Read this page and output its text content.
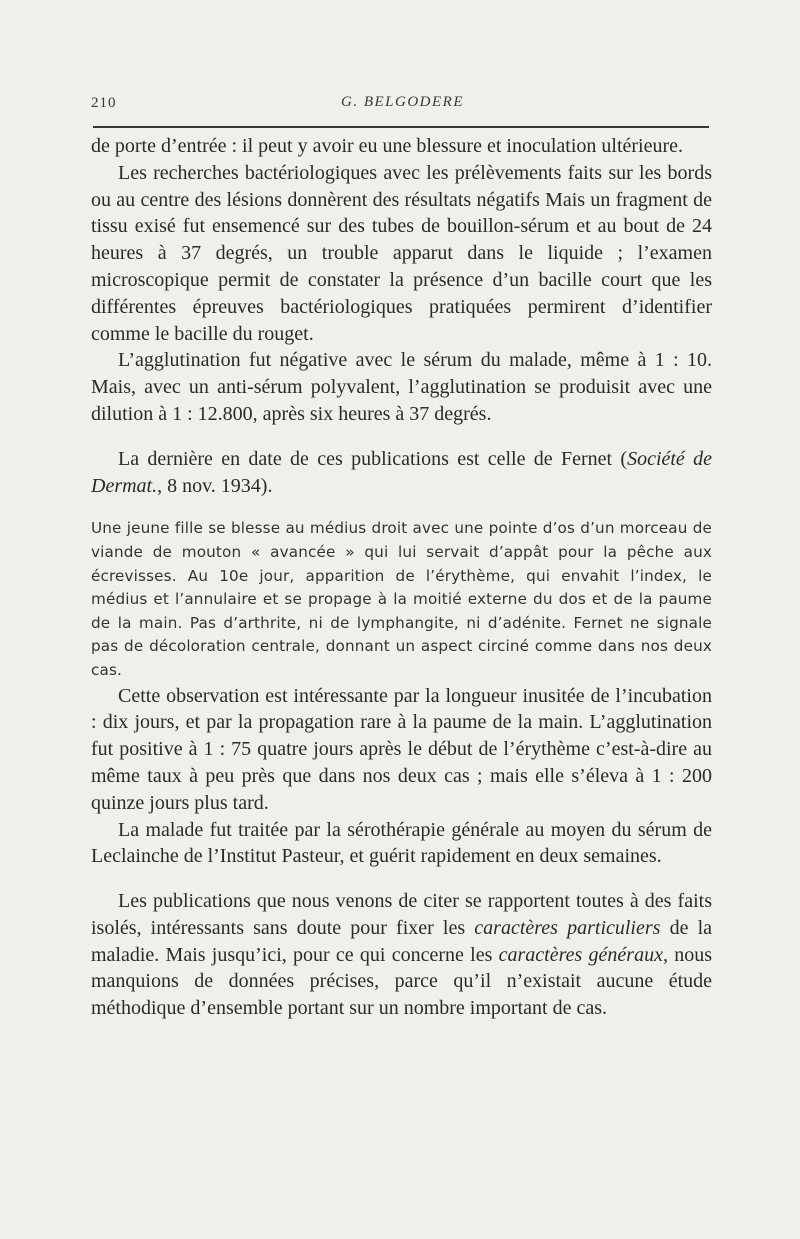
210	G. BELGODERE

de porte d’entrée : il peut y avoir eu une blessure et inoculation ultérieure.

Les recherches bactériologiques avec les prélèvements faits sur les bords ou au centre des lésions donnèrent des résultats négatifs Mais un fragment de tissu exisé fut ensemencé sur des tubes de bouillon-sérum et au bout de 24 heures à 37 degrés, un trouble apparut dans le liquide ; l’examen microscopique permit de constater la présence d’un bacille court que les différentes épreuves bactériologiques pratiquées permirent d’identifier comme le bacille du rouget.

L’agglutination fut négative avec le sérum du malade, même à 1 : 10. Mais, avec un anti-sérum polyvalent, l’agglutination se produisit avec une dilution à 1 : 12.800, après six heures à 37 degrés.

La dernière en date de ces publications est celle de Fernet (Société de Dermat., 8 nov. 1934).

Une jeune fille se blesse au médius droit avec une pointe d’os d’un morceau de viande de mouton « avancée » qui lui servait d’appât pour la pêche aux écrevisses. Au 10e jour, apparition de l’érythème, qui envahit l’index, le médius et l’annulaire et se propage à la moitié externe du dos et de la paume de la main. Pas d’arthrite, ni de lymphangite, ni d’adénite. Fernet ne signale pas de décoloration centrale, donnant un aspect circiné comme dans nos deux cas.

Cette observation est intéressante par la longueur inusitée de l’incubation : dix jours, et par la propagation rare à la paume de la main. L’agglutination fut positive à 1 : 75 quatre jours après le début de l’érythème c’est-à-dire au même taux à peu près que dans nos deux cas ; mais elle s’éleva à 1 : 200 quinze jours plus tard.

La malade fut traitée par la sérothérapie générale au moyen du sérum de Leclainche de l’Institut Pasteur, et guérit rapidement en deux semaines.

Les publications que nous venons de citer se rapportent toutes à des faits isolés, intéressants sans doute pour fixer les caractères particuliers de la maladie. Mais jusqu’ici, pour ce qui concerne les caractères généraux, nous manquions de données précises, parce qu’il n’existait aucune étude méthodique d’ensemble portant sur un nombre important de cas.
